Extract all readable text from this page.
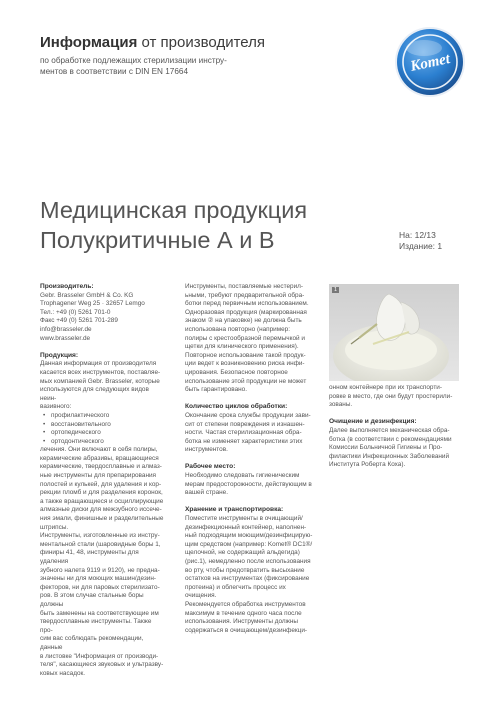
Информация от производителя
по обработке подлежащих стерилизации инстру-
ментов в соответствии с DIN EN 17664	Komet
Медицинская продукция
Полукритичные А и В	На: 12/13
Издание: 1
Производитель:

Gebr. Brasseler GmbH & Co. KG
Trophagener Weg 25 · 32657 Lemgo
Тел.: +49 (0) 5261 701-0
Факс +49 (0) 5261 701-289
info@brasseler.de
www.brasseler.de

Продукция:

Данная информация от производителя
касается всех инструментов, поставляе-
мых компанией Gebr. Brasseler, которые
используются для следующих видов неин-
вазивного:

• профилактического
• восстановительного
• ортопедического
• ортодонтического

лечения. Они включают в себя полиры,
керамические абразивы, вращающиеся
керамические, твердосплавные и алмаз-
ные инструменты для препарирования
полостей и кулькей, для удаления и кор-
рекции пломб и для разделения коронок,
а также вращающиеся и осциллирующие
алмазные диски для межзубного иссече-
ния эмали, финишные и разделительные
штрипсы.
Инструменты, изготовленные из инстру-
ментальной стали (шаровидные боры 1,
финиры 41, 48, инструменты для удаления
зубного налета 9119 и 9120), не предна-
значены ни для моющих машин/дезин-
фекторов, ни для паровых стерилизато-
ров. В этом случае стальные боры должны
быть заменены на соответствующие им
твердосплавные инструменты. Также про-
сим вас соблюдать рекомендации, данные
в листовке "Информация от производи-
теля", касающиеся звуковых и ультразву-
ковых насадок.

Инструменты, поставляемые нестерил-
ьными, требуют предварительной обра-
ботки перед первичным использованием.
Одноразовая продукция (маркированная
знаком ② на упаковке) не должна быть
использована повторно (например:
полиры с крестообразной перемычкой и
щетки для клинического применения).
Повторное использование такой продук-
ции ведет к возникновению риска инфи-
цирования. Безопасное повторное
использование этой продукции не может
быть гарантировано.

Количество циклов обработки:

Окончание срока службы продукции зави-
сит от степени повреждения и изнашен-
ности. Частая стерилизационная обра-
ботка не изменяет характеристики этих
инструментов.

Рабочее место:

Необходимо следовать гигиеническим
мерам предосторожности, действующим в
вашей стране.

Хранение и транспортировка:

Поместите инструменты в очищающий/
дезинфекционный контейнер, наполнен-
ный подходящим моющим/дезинфицирую-
щим средством (например: Komet® DC1®/
щелочной, не содержащий альдегида)
(рис.1), немедленно после использования
во рту, чтобы предотвратить высыхание
остатков на инструментах (фиксирование
протеина) и облегчить процесс их очищения.
Рекомендуется обработка инструментов
максимум в течение одного часа после
использования. Инструменты должны
содержаться в очищающем/дезинфекци-

1

онном контейнере при их транспорти-
ровке в место, где они будут простерили-
зованы.

Очищение и дезинфекция:

Далее выполняется механическая обра-
ботка (в соответствии с рекомендациями
Комиссии Больничной Гигиены и Про-
филактики Инфекционных Заболеваний
Института Роберта Коха).
